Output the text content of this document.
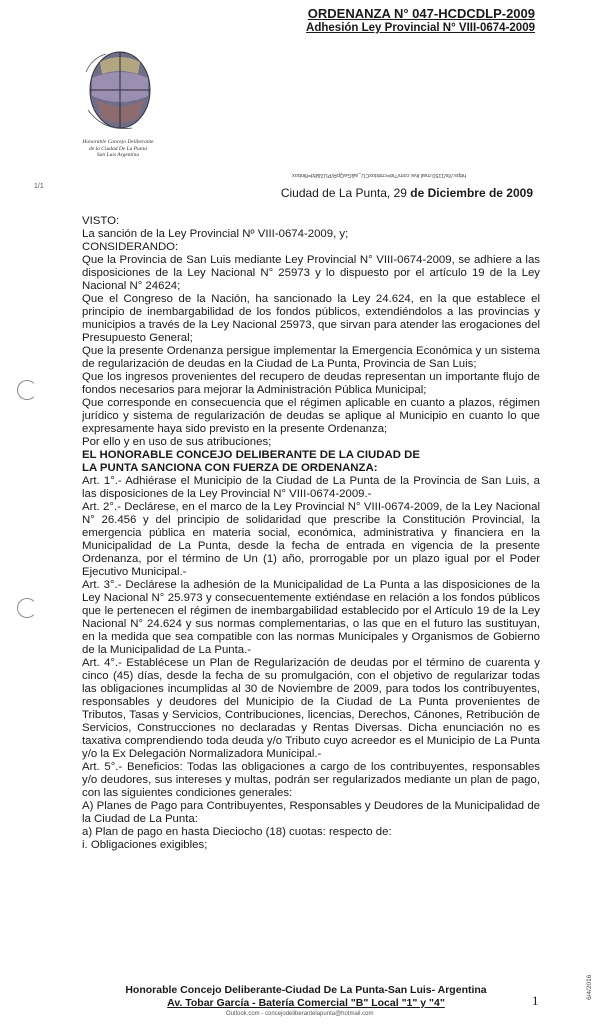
ORDENANZA N° 047-HCDCDLP-2009
Adhesión Ley Provincial N° VIII-0674-2009
Honorable Concejo Deliberante
de la Ciudad De La Punta
San Luis Argentina
1/1
https://ls/1150.mail.live.com/?id=cmbtoxCU_a&GaQpR/PU2&lfd=flinbox
Ciudad de La Punta, 29 de Diciembre de 2009

VISTO:

La sanción de la Ley Provincial Nº VIII-0674-2009, y;

CONSIDERANDO:

Que la Provincia de San Luis mediante Ley Provincial N° VIII-0674-2009, se adhiere a las disposiciones de la Ley Nacional N° 25973 y lo dispuesto por el artículo 19 de la Ley Nacional N° 24624;

Que el Congreso de la Nación, ha sancionado la Ley 24.624, en la que establece el principio de inembargabilidad de los fondos públicos, extendiéndolos a las provincias y municipios a través de la Ley Nacional 25973, que sirvan para atender las erogaciones del Presupuesto General;

Que la presente Ordenanza persigue implementar la Emergencia Económica y un sistema de regularización de deudas en la Ciudad de La Punta, Provincia de San Luis;

Que los ingresos provenientes del recupero de deudas representan un importante flujo de fondos necesarios para mejorar la Administración Pública Municipal;

Que corresponde en consecuencia que el régimen aplicable en cuanto a plazos, régimen jurídico y sistema de regularización de deudas se aplique al Municipio en cuanto lo que expresamente haya sido previsto en la presente Ordenanza;

Por ello y en uso de sus atribuciones;

EL HONORABLE CONCEJO DELIBERANTE DE LA CIUDAD DE LA PUNTA SANCIONA CON FUERZA DE ORDENANZA:

Art. 1°.- Adhiérase el Municipio de la Ciudad de La Punta de la Provincia de San Luis, a las disposiciones de la Ley Provincial N° VIII-0674-2009.-

Art. 2°.- Declárese, en el marco de la Ley Provincial N° VIII-0674-2009, de la Ley Nacional N° 26.456 y del principio de solidaridad que prescribe la Constitución Provincial, la emergencia pública en materia social, económica, administrativa y financiera en la Municipalidad de La Punta, desde la fecha de entrada en vigencia de la presente Ordenanza, por el término de Un (1) año, prorrogable por un plazo igual por el Poder Ejecutivo Municipal.-

Art. 3°.- Declárese la adhesión de la Municipalidad de La Punta a las disposiciones de la Ley Nacional N° 25.973 y consecuentemente extiéndase en relación a los fondos públicos que le pertenecen el régimen de inembargabilidad establecido por el Artículo 19 de la Ley Nacional N° 24.624 y sus normas complementarias, o las que en el futuro las sustituyan, en la medida que sea compatible con las normas Municipales y Organismos de Gobierno de la Municipalidad de La Punta.-

Art. 4°.- Establécese un Plan de Regularización de deudas por el término de cuarenta y cinco (45) días, desde la fecha de su promulgación, con el objetivo de regularizar todas las obligaciones incumplidas al 30 de Noviembre de 2009, para todos los contribuyentes, responsables y deudores del Municipio de la Ciudad de La Punta provenientes de Tributos, Tasas y Servicios, Contribuciones, licencias, Derechos, Cánones, Retribución de Servicios, Construcciones no declaradas y Rentas Diversas. Dicha enunciación no es taxativa comprendiendo toda deuda y/o Tributo cuyo acreedor es el Municipio de La Punta y/o la Ex Delegación Normalizadora Municipal.-

Art. 5°.- Beneficios: Todas las obligaciones a cargo de los contribuyentes, responsables y/o deudores, sus intereses y multas, podrán ser regularizados mediante un plan de pago, con las siguientes condiciones generales:

A) Planes de Pago para Contribuyentes, Responsables y Deudores de la Municipalidad de la Ciudad de La Punta:

a) Plan de pago en hasta Dieciocho (18) cuotas: respecto de:

i. Obligaciones exigibles;

Honorable Concejo Deliberante-Ciudad De La Punta-San Luis- Argentina
Av. Tobar García - Batería Comercial "B" Local "1" y "4"
Outlook.com - concejodeliberantelapunta@hotmail.com
1
6/4/2016
